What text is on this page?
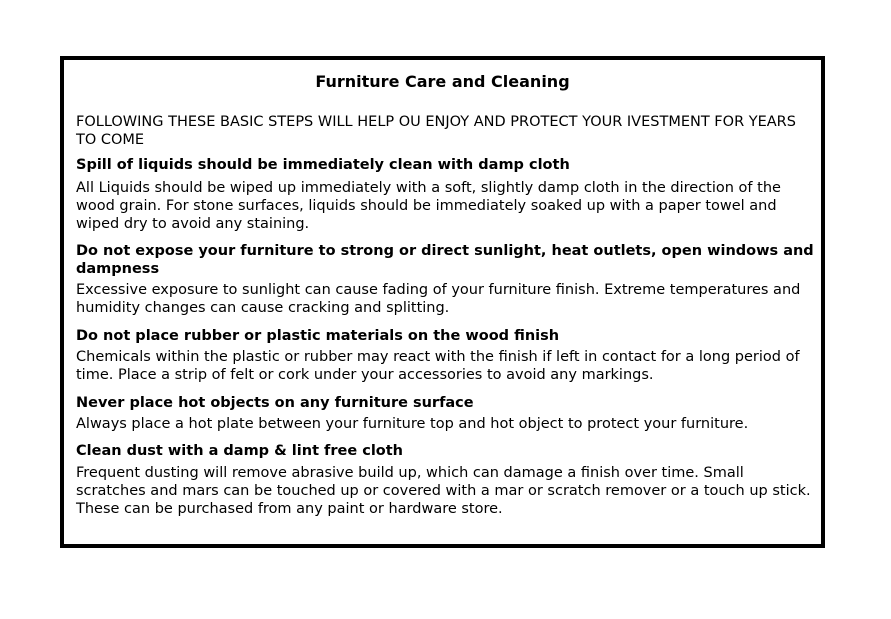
Furniture Care and Cleaning
FOLLOWING THESE BASIC STEPS WILL HELP OU ENJOY AND PROTECT YOUR IVESTMENT FOR YEARS TO COME
Spill of liquids should be immediately clean with damp cloth
All Liquids should be wiped up immediately with a soft, slightly damp cloth in the direction of the wood grain. For stone surfaces, liquids should be immediately soaked up with a paper towel and wiped dry to avoid any staining.
Do not expose your furniture to strong or direct sunlight, heat outlets, open windows and dampness
Excessive exposure to sunlight can cause fading of your furniture finish. Extreme temperatures and humidity changes can cause cracking and splitting.
Do not place rubber or plastic materials on the wood finish
Chemicals within the plastic or rubber may react with the finish if left in contact for a long period of time. Place a strip of felt or cork under your accessories to avoid any markings.
Never place hot objects on any furniture surface
Always place a hot plate between your furniture top and hot object to protect your furniture.
Clean dust with a damp & lint free cloth
Frequent dusting will remove abrasive build up, which can damage a finish over time. Small scratches and mars can be touched up or covered with a mar or scratch remover or a touch up stick. These can be purchased from any paint or hardware store.
